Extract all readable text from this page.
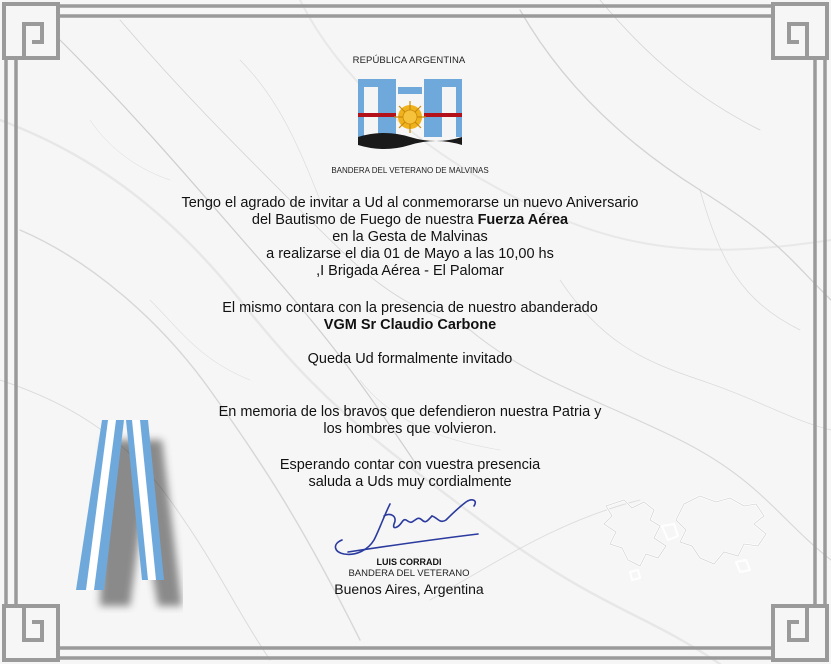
REPÚBLICA ARGENTINA
BANDERA DEL VETERANO DE MALVINAS
Tengo el agrado de invitar a Ud al conmemorarse un nuevo Aniversario
del Bautismo de Fuego de nuestra Fuerza Aérea
en la Gesta de Malvinas
a realizarse el dia 01 de Mayo a las 10,00 hs
,I Brigada Aérea - El Palomar
El mismo contara con la presencia de nuestro abanderado
VGM Sr Claudio Carbone
Queda Ud formalmente invitado
En memoria de los bravos que defendieron nuestra Patria y
los hombres que volvieron.
Esperando contar con vuestra presencia
saluda a Uds muy cordialmente
LUIS CORRADI
BANDERA DEL VETERANO
Buenos Aires, Argentina
